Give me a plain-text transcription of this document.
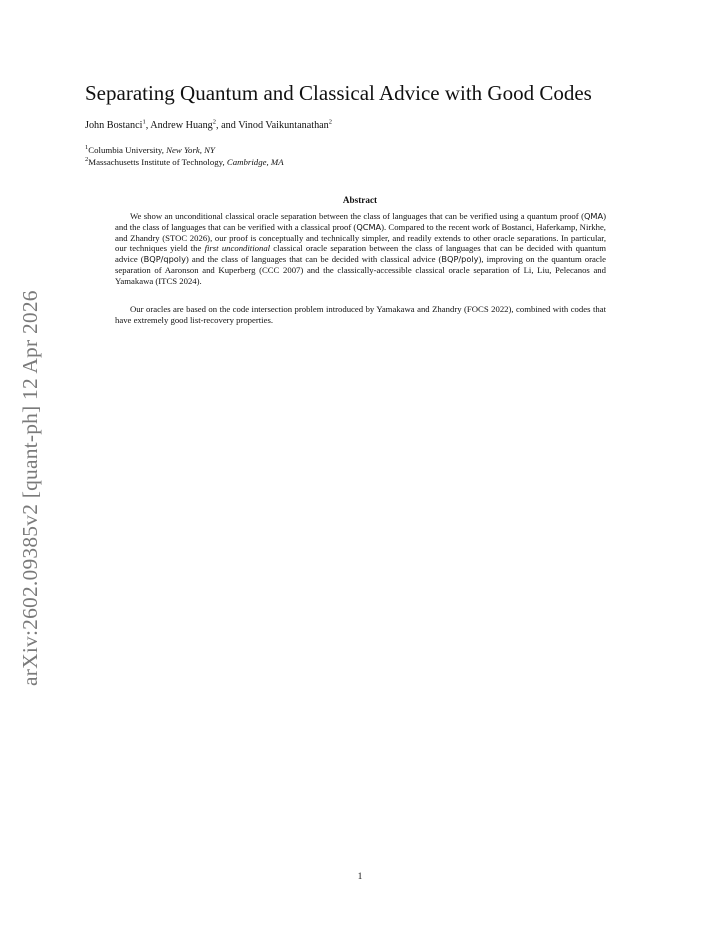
arXiv:2602.09385v2 [quant-ph] 12 Apr 2026
Separating Quantum and Classical Advice with Good Codes
John Bostanci$^1$, Andrew Huang$^2$, and Vinod Vaikuntanathan$^2$
$^1$Columbia University, New York, NY
$^2$Massachusetts Institute of Technology, Cambridge, MA
Abstract

We show an unconditional classical oracle separation between the class of languages that can be verified using a quantum proof (QMA) and the class of languages that can be verified with a classical proof (QCMA). Compared to the recent work of Bostanci, Haferkamp, Nirkhe, and Zhandry (STOC 2026), our proof is conceptually and technically simpler, and readily extends to other oracle separations. In particular, our techniques yield the first unconditional classical oracle separation between the class of languages that can be decided with quantum advice (BQP/qpoly) and the class of languages that can be decided with classical advice (BQP/poly), improving on the quantum oracle separation of Aaronson and Kuperberg (CCC 2007) and the classically-accessible classical oracle separation of Li, Liu, Pelecanos and Yamakawa (ITCS 2024).

Our oracles are based on the code intersection problem introduced by Yamakawa and Zhandry (FOCS 2022), combined with codes that have extremely good list-recovery properties.

1
